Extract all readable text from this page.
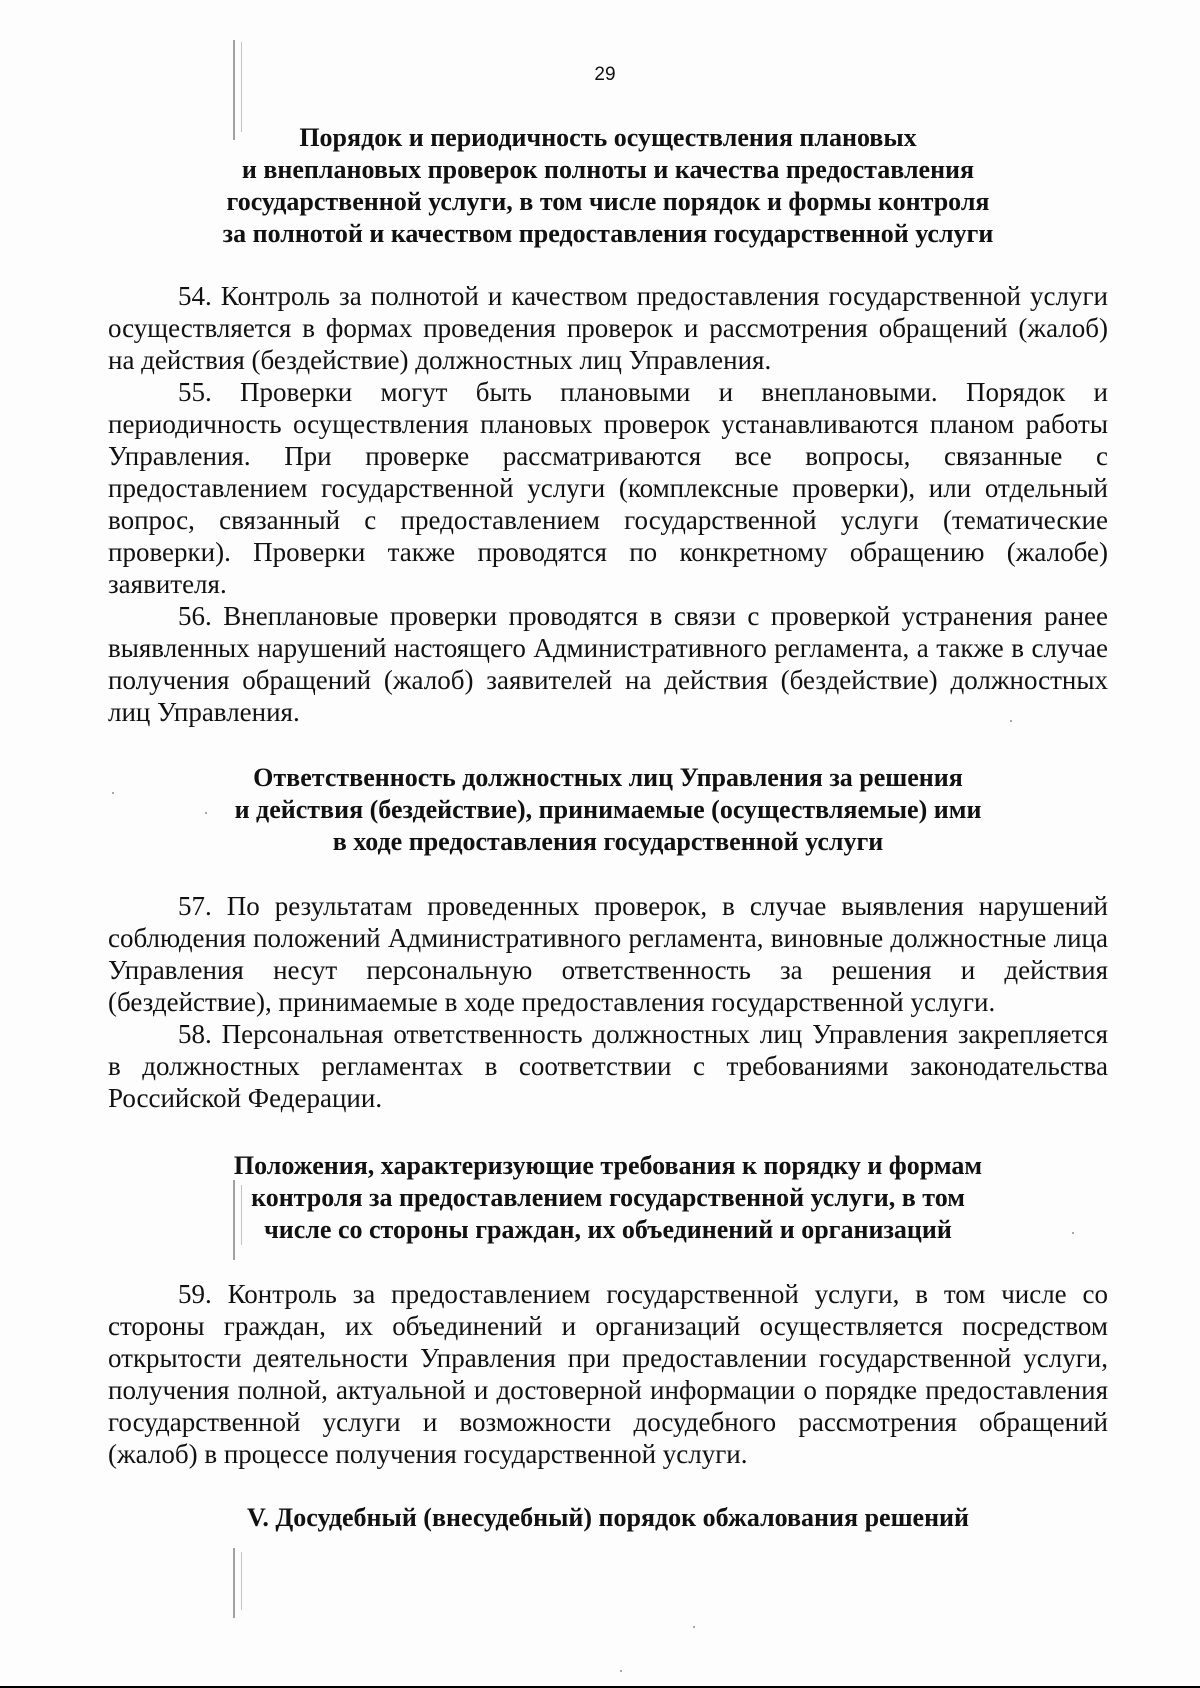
29
Порядок и периодичность осуществления плановых
и внеплановых проверок полноты и качества предоставления
государственной услуги, в том числе порядок и формы контроля
за полнотой и качеством предоставления государственной услуги

54. Контроль за полнотой и качеством предоставления государственной услуги осуществляется в формах проведения проверок и рассмотрения обращений (жалоб) на действия (бездействие) должностных лиц Управления.

55. Проверки могут быть плановыми и внеплановыми. Порядок и периодичность осуществления плановых проверок устанавливаются планом работы Управления. При проверке рассматриваются все вопросы, связанные с предоставлением государственной услуги (комплексные проверки), или отдельный вопрос, связанный с предоставлением государственной услуги (тематические проверки). Проверки также проводятся по конкретному обращению (жалобе) заявителя.

56. Внеплановые проверки проводятся в связи с проверкой устранения ранее выявленных нарушений настоящего Административного регламента, а также в случае получения обращений (жалоб) заявителей на действия (бездействие) должностных лиц Управления.

Ответственность должностных лиц Управления за решения
и действия (бездействие), принимаемые (осуществляемые) ими
в ходе предоставления государственной услуги

57. По результатам проведенных проверок, в случае выявления нарушений соблюдения положений Административного регламента, виновные должностные лица Управления несут персональную ответственность за решения и действия (бездействие), принимаемые в ходе предоставления государственной услуги.

58. Персональная ответственность должностных лиц Управления закрепляется в должностных регламентах в соответствии с требованиями законодательства Российской Федерации.

Положения, характеризующие требования к порядку и формам
контроля за предоставлением государственной услуги, в том
числе со стороны граждан, их объединений и организаций

59. Контроль за предоставлением государственной услуги, в том числе со стороны граждан, их объединений и организаций осуществляется посредством открытости деятельности Управления при предоставлении государственной услуги, получения полной, актуальной и достоверной информации о порядке предоставления государственной услуги и возможности досудебного рассмотрения обращений (жалоб) в процессе получения государственной услуги.

V. Досудебный (внесудебный) порядок обжалования решений
